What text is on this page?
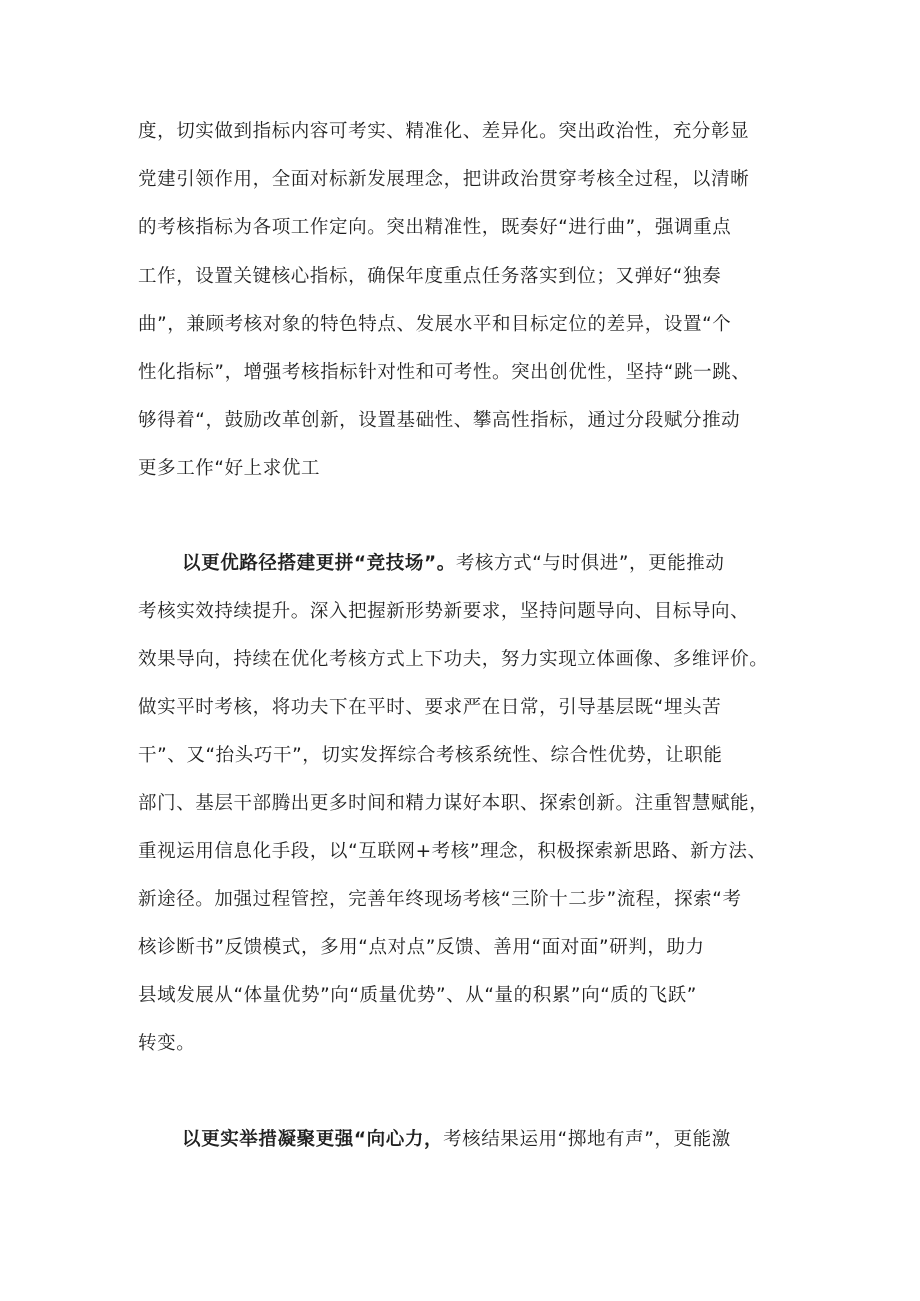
度，切实做到指标内容可考实、精准化、差异化。突出政治性，充分彰显
党建引领作用，全面对标新发展理念，把讲政治贯穿考核全过程，以清晰
的考核指标为各项工作定向。突出精准性，既奏好“进行曲”，强调重点
工作，设置关键核心指标，确保年度重点任务落实到位；又弹好“独奏
曲”，兼顾考核对象的特色特点、发展水平和目标定位的差异，设置“个
性化指标”，增强考核指标针对性和可考性。突出创优性，坚持“跳一跳、
够得着“，鼓励改革创新，设置基础性、攀高性指标，通过分段赋分推动
更多工作“好上求优工
以更优路径搭建更拼“竞技场”。考核方式“与时俱进”，更能推动
考核实效持续提升。深入把握新形势新要求，坚持问题导向、目标导向、
效果导向，持续在优化考核方式上下功夫，努力实现立体画像、多维评价。
做实平时考核，将功夫下在平时、要求严在日常，引导基层既“埋头苦
干”、又“抬头巧干”，切实发挥综合考核系统性、综合性优势，让职能
部门、基层干部腾出更多时间和精力谋好本职、探索创新。注重智慧赋能，
重视运用信息化手段，以“互联网+考核”理念，积极探索新思路、新方法、
新途径。加强过程管控，完善年终现场考核“三阶十二步”流程，探索“考
核诊断书”反馈模式，多用“点对点”反馈、善用“面对面”研判，助力
县域发展从“体量优势”向“质量优势”、从“量的积累”向“质的飞跃”
转变。
以更实举措凝聚更强“向心力，考核结果运用“掷地有声”，更能激
